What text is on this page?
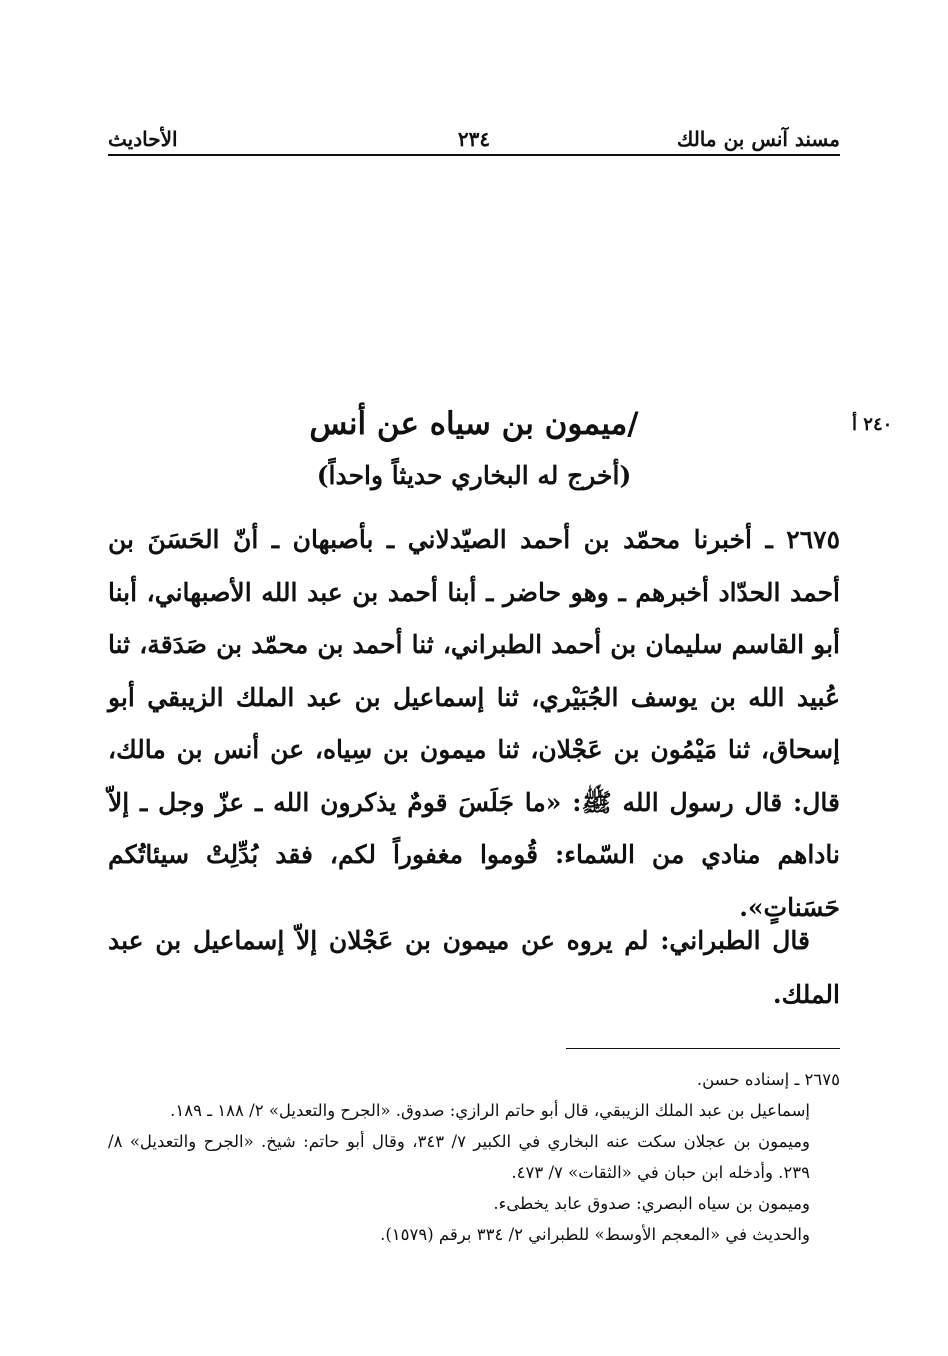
مسند آنس بن مالك
٢٣٤
الأحاديث
٢٤٠ أ
/ميمون بن سياه عن أنس
(أخرج له البخاري حديثاً واحداً)

٢٦٧٥ ـ أخبرنا محمّد بن أحمد الصيّدلاني ـ بأصبهان ـ أنّ الحَسَنَ بن أحمد الحدّاد أخبرهم ـ وهو حاضر ـ أبنا أحمد بن عبد الله الأصبهاني، أبنا أبو القاسم سليمان بن أحمد الطبراني، ثنا أحمد بن محمّد بن صَدَقة، ثنا عُبيد الله بن يوسف الجُبَيْري، ثنا إسماعيل بن عبد الملك الزيبقي أبو إسحاق، ثنا مَيْمُون بن عَجْلان، ثنا ميمون بن سِياه، عن أنس بن مالك، قال: قال رسول الله ﷺ: «ما جَلَسَ قومٌ يذكرون الله ـ عزّ وجل ـ إلاّ ناداهم منادي من السّماء: قُوموا مغفوراً لكم، فقد بُدِّلِتْ سيئاتُكم حَسَناتٍ».

قال الطبراني: لم يروه عن ميمون بن عَجْلان إلاّ إسماعيل بن عبد الملك.

٢٦٧٥ ـ إسناده حسن.

إسماعيل بن عبد الملك الزيبقي، قال أبو حاتم الرازي: صدوق. «الجرح والتعديل» ٢/ ١٨٨ ـ ١٨٩.

وميمون بن عجلان سكت عنه البخاري في الكبير ٧/ ٣٤٣، وقال أبو حاتم: شيخ. «الجرح والتعديل» ٨/ ٢٣٩. وأدخله ابن حبان في «الثقات» ٧/ ٤٧٣.

وميمون بن سياه البصري: صدوق عابد يخطىء.

والحديث في «المعجم الأوسط» للطبراني ٢/ ٣٣٤ برقم (١٥٧٩).
